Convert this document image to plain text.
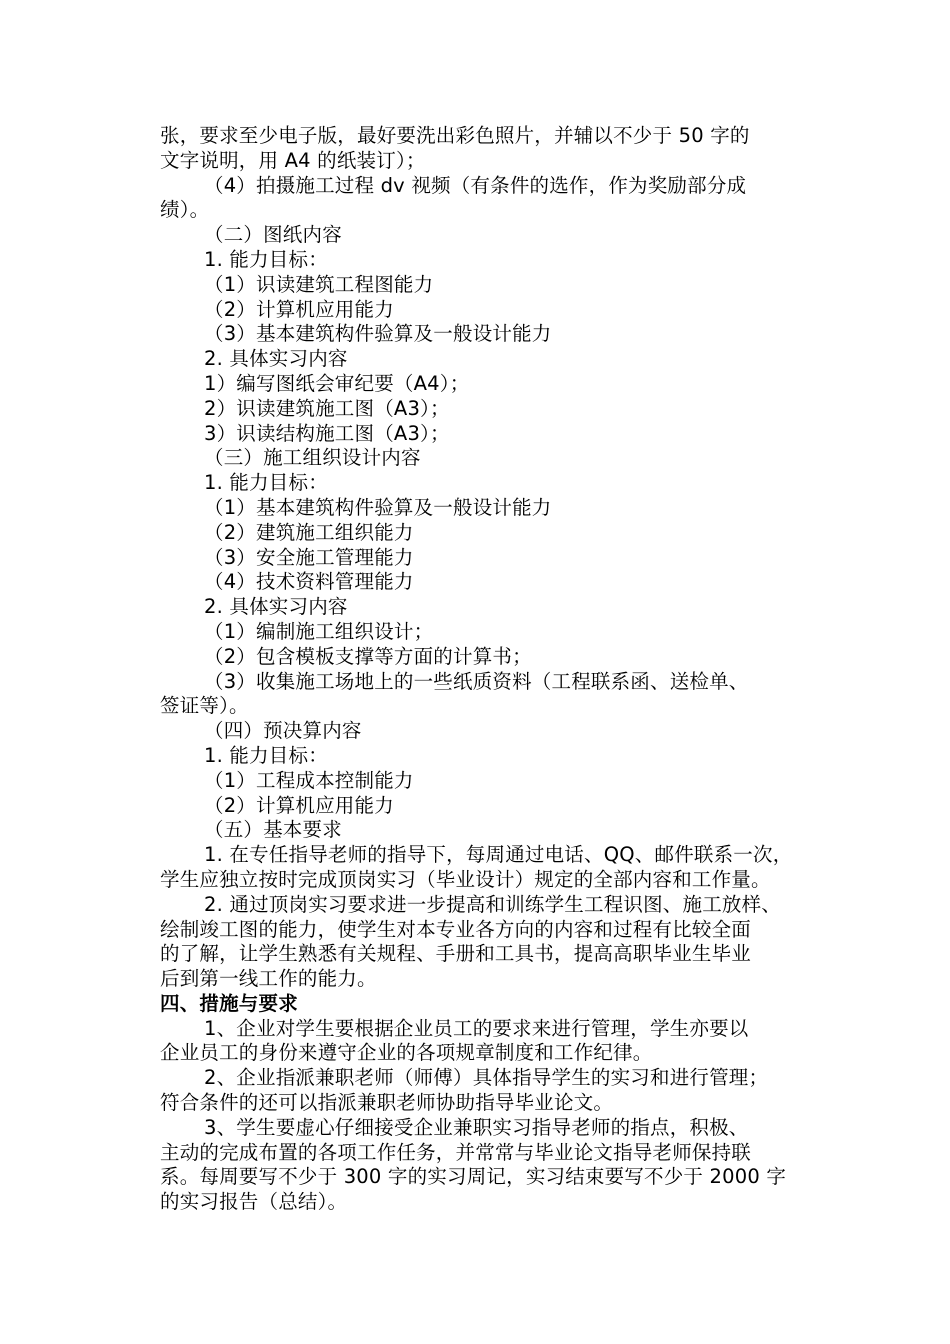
张，要求至少电子版，最好要洗出彩色照片，并辅以不少于 50 字的
文字说明，用 A4 的纸装订）；
（4）拍摄施工过程 dv 视频（有条件的选作，作为奖励部分成
绩）。
（二）图纸内容
1. 能力目标：
（1）识读建筑工程图能力
（2）计算机应用能力
（3）基本建筑构件验算及一般设计能力
2. 具体实习内容
1）编写图纸会审纪要（A4）；
2）识读建筑施工图（A3）；
3）识读结构施工图（A3）；
（三）施工组织设计内容
1. 能力目标：
（1）基本建筑构件验算及一般设计能力
（2）建筑施工组织能力
（3）安全施工管理能力
（4）技术资料管理能力
2. 具体实习内容
（1）编制施工组织设计；
（2）包含模板支撑等方面的计算书；
（3）收集施工场地上的一些纸质资料（工程联系函、送检单、
签证等）。
（四）预决算内容
1. 能力目标：
（1）工程成本控制能力
（2）计算机应用能力
（五）基本要求
1. 在专任指导老师的指导下，每周通过电话、QQ、邮件联系一次，
学生应独立按时完成顶岗实习（毕业设计）规定的全部内容和工作量。
2. 通过顶岗实习要求进一步提高和训练学生工程识图、施工放样、
绘制竣工图的能力，使学生对本专业各方向的内容和过程有比较全面
的了解，让学生熟悉有关规程、手册和工具书，提高高职毕业生毕业
后到第一线工作的能力。
四、措施与要求
1、企业对学生要根据企业员工的要求来进行管理，学生亦要以
企业员工的身份来遵守企业的各项规章制度和工作纪律。
2、企业指派兼职老师（师傅）具体指导学生的实习和进行管理；
符合条件的还可以指派兼职老师协助指导毕业论文。
3、学生要虚心仔细接受企业兼职实习指导老师的指点，积极、
主动的完成布置的各项工作任务，并常常与毕业论文指导老师保持联
系。每周要写不少于 300 字的实习周记，实习结束要写不少于 2000 字
的实习报告（总结）。
